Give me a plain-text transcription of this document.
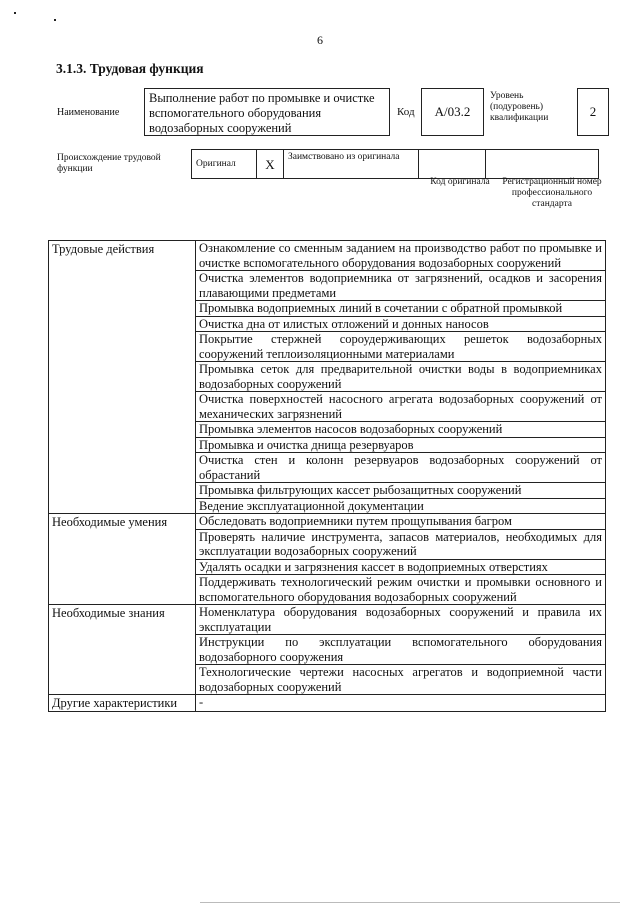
6
3.1.3. Трудовая функция
Наименование
Выполнение работ по промывке и очистке вспомогательного оборудования водозаборных сооружений
Код	A/03.2
Уровень (подуровень) квалификации	2
Происхождение трудовой функции
Оригинал	X	Заимствовано из оригинала		
Код оригинала Регистрационный номер профессионального стандарта
Трудовые действия	Ознакомление со сменным заданием на производство работ по промывке и очистке вспомогательного оборудования водозаборных сооружений
	Очистка элементов водоприемника от загрязнений, осадков и засорения плавающими предметами
	Промывка водоприемных линий в сочетании с обратной промывкой
	Очистка дна от илистых отложений и донных наносов
	Покрытие стержней сороудерживающих решеток водозаборных сооружений теплоизоляционными материалами
	Промывка сеток для предварительной очистки воды в водоприемниках водозаборных сооружений
	Очистка поверхностей насосного агрегата водозаборных сооружений от механических загрязнений
	Промывка элементов насосов водозаборных сооружений
	Промывка и очистка днища резервуаров
	Очистка стен и колонн резервуаров водозаборных сооружений от обрастаний
	Промывка фильтрующих кассет рыбозащитных сооружений
	Ведение эксплуатационной документации
Необходимые умения	Обследовать водоприемники путем прощупывания багром
	Проверять наличие инструмента, запасов материалов, необходимых для эксплуатации водозаборных сооружений
	Удалять осадки и загрязнения кассет в водоприемных отверстиях
	Поддерживать технологический режим очистки и промывки основного и вспомогательного оборудования водозаборных сооружений
Необходимые знания	Номенклатура оборудования водозаборных сооружений и правила их эксплуатации
	Инструкции по эксплуатации вспомогательного оборудования водозаборного сооружения
	Технологические чертежи насосных агрегатов и водоприемной части водозаборных сооружений
Другие характеристики	-
